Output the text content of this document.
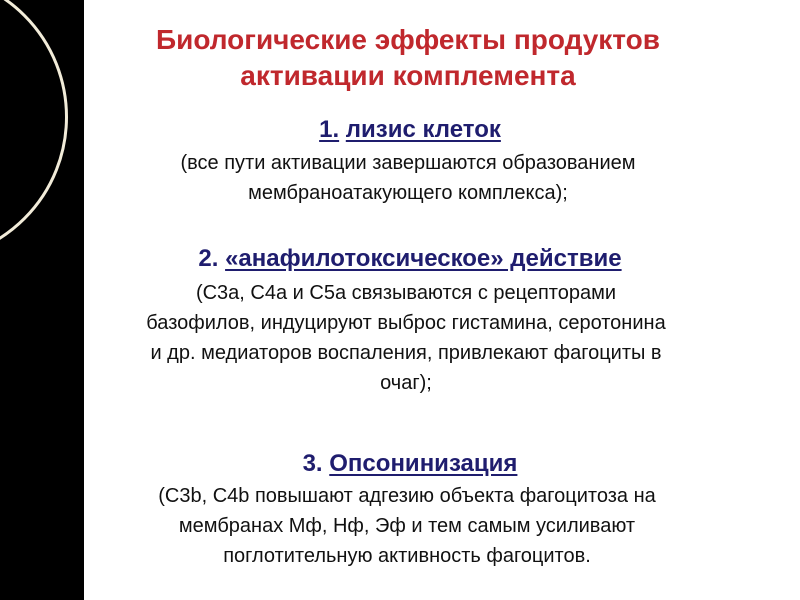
Биологические эффекты продуктов
активации комплемента
1. лизис клеток
(все пути активации завершаются образованием
мембраноатакующего комплекса);
2. «анафилотоксическое» действие
(С3а, С4а и С5а связываются с рецепторами
базофилов, индуцируют выброс гистамина, серотонина
и др. медиаторов воспаления, привлекают фагоциты в
очаг);
3. Опсонинизация
(С3b, С4b повышают адгезию объекта фагоцитоза на
мембранах Мф, Нф, Эф и тем самым усиливают
поглотительную активность фагоцитов.
